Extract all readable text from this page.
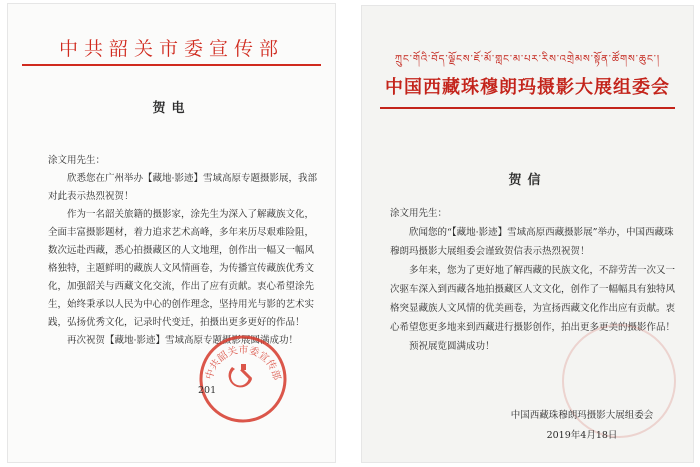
中共韶关市委宣传部
贺电

涂文用先生：

欣悉您在广州举办【藏地·影迹】雪域高原专题摄影展，我部对此表示热烈祝贺！

作为一名韶关旅籍的摄影家，涂先生为深入了解藏族文化，全面丰富摄影题材，着力追求艺术高峰，多年来历尽艰难险阻，数次远赴西藏，悉心拍摄藏区的人文地理，创作出一幅又一幅风格独特，主题鲜明的藏族人文风情画卷，为传播宣传藏族优秀文化，加强韶关与西藏文化交流，作出了应有贡献。衷心希望涂先生，始终秉承以人民为中心的创作理念，坚持用光与影的艺术实践，弘扬优秀文化，记录时代变迁，拍摄出更多更好的作品！

再次祝贺【藏地·影迹】雪域高原专题摄影展圆满成功！

中共韶关市委宣传部
201
ཀྲུང་གོའི་བོད་ལྗོངས་ཇོ་མོ་གླང་མ་པར་རིས་འགྲེམས་སྟོན་ཚོགས་ཆུང་།
中国西藏珠穆朗玛摄影大展组委会
贺信

涂文用先生：

欣闻您的“【藏地·影迹】雪域高原西藏摄影展”举办，中国西藏珠穆朗玛摄影大展组委会谨致贺信表示热烈祝贺！

多年来，您为了更好地了解西藏的民族文化，不辞劳苦一次又一次驱车深入到西藏各地拍摄藏区人文文化，创作了一幅幅具有独特风格突显藏族人文风情的优美画卷，为宣扬西藏文化作出应有贡献。衷心希望您更多地来到西藏进行摄影创作，拍出更多更美的摄影作品！

预祝展览圆满成功！

中国西藏珠穆朗玛摄影大展组委会
2019年4月18日
